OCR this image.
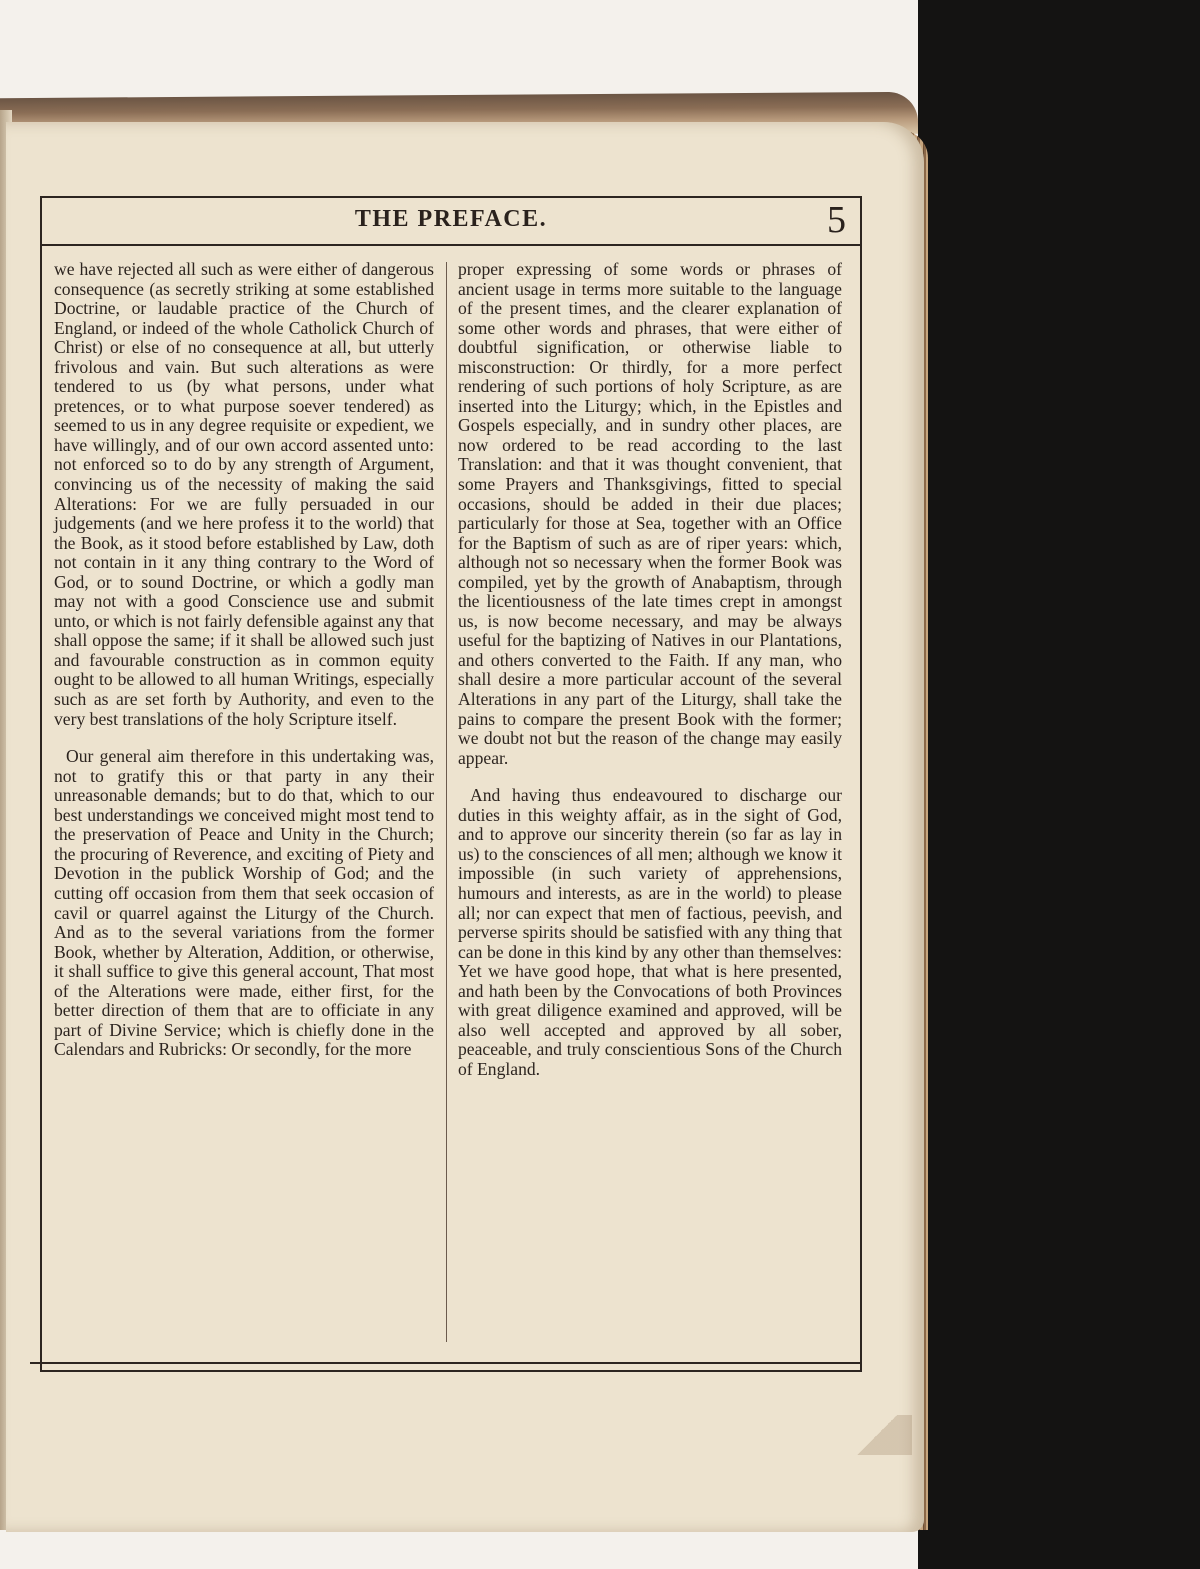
THE PREFACE.	5

we have rejected all such as were either of dangerous consequence (as secretly striking at some established Doctrine, or laudable practice of the Church of England, or indeed of the whole Catholick Church of Christ) or else of no consequence at all, but utterly frivolous and vain. But such alterations as were tendered to us (by what persons, under what pretences, or to what purpose soever tendered) as seemed to us in any degree requisite or expedient, we have willingly, and of our own accord assented unto: not enforced so to do by any strength of Argument, convincing us of the necessity of making the said Alterations: For we are fully persuaded in our judgements (and we here profess it to the world) that the Book, as it stood before established by Law, doth not contain in it any thing contrary to the Word of God, or to sound Doctrine, or which a godly man may not with a good Conscience use and submit unto, or which is not fairly defensible against any that shall oppose the same; if it shall be allowed such just and favourable construction as in common equity ought to be allowed to all human Writings, especially such as are set forth by Authority, and even to the very best translations of the holy Scripture itself.

Our general aim therefore in this undertaking was, not to gratify this or that party in any their unreasonable demands; but to do that, which to our best understandings we conceived might most tend to the preservation of Peace and Unity in the Church; the procuring of Reverence, and exciting of Piety and Devotion in the publick Worship of God; and the cutting off occasion from them that seek occasion of cavil or quarrel against the Liturgy of the Church. And as to the several variations from the former Book, whether by Alteration, Addition, or otherwise, it shall suffice to give this general account, That most of the Alterations were made, either first, for the better direction of them that are to officiate in any part of Divine Service; which is chiefly done in the Calendars and Rubricks: Or secondly, for the more

proper expressing of some words or phrases of ancient usage in terms more suitable to the language of the present times, and the clearer explanation of some other words and phrases, that were either of doubtful signification, or otherwise liable to misconstruction: Or thirdly, for a more perfect rendering of such portions of holy Scripture, as are inserted into the Liturgy; which, in the Epistles and Gospels especially, and in sundry other places, are now ordered to be read according to the last Translation: and that it was thought convenient, that some Prayers and Thanksgivings, fitted to special occasions, should be added in their due places; particularly for those at Sea, together with an Office for the Baptism of such as are of riper years: which, although not so necessary when the former Book was compiled, yet by the growth of Anabaptism, through the licentiousness of the late times crept in amongst us, is now become necessary, and may be always useful for the baptizing of Natives in our Plantations, and others converted to the Faith. If any man, who shall desire a more particular account of the several Alterations in any part of the Liturgy, shall take the pains to compare the present Book with the former; we doubt not but the reason of the change may easily appear.

And having thus endeavoured to discharge our duties in this weighty affair, as in the sight of God, and to approve our sincerity therein (so far as lay in us) to the consciences of all men; although we know it impossible (in such variety of apprehensions, humours and interests, as are in the world) to please all; nor can expect that men of factious, peevish, and perverse spirits should be satisfied with any thing that can be done in this kind by any other than themselves: Yet we have good hope, that what is here presented, and hath been by the Convocations of both Provinces with great diligence examined and approved, will be also well accepted and approved by all sober, peaceable, and truly conscientious Sons of the Church of England.
